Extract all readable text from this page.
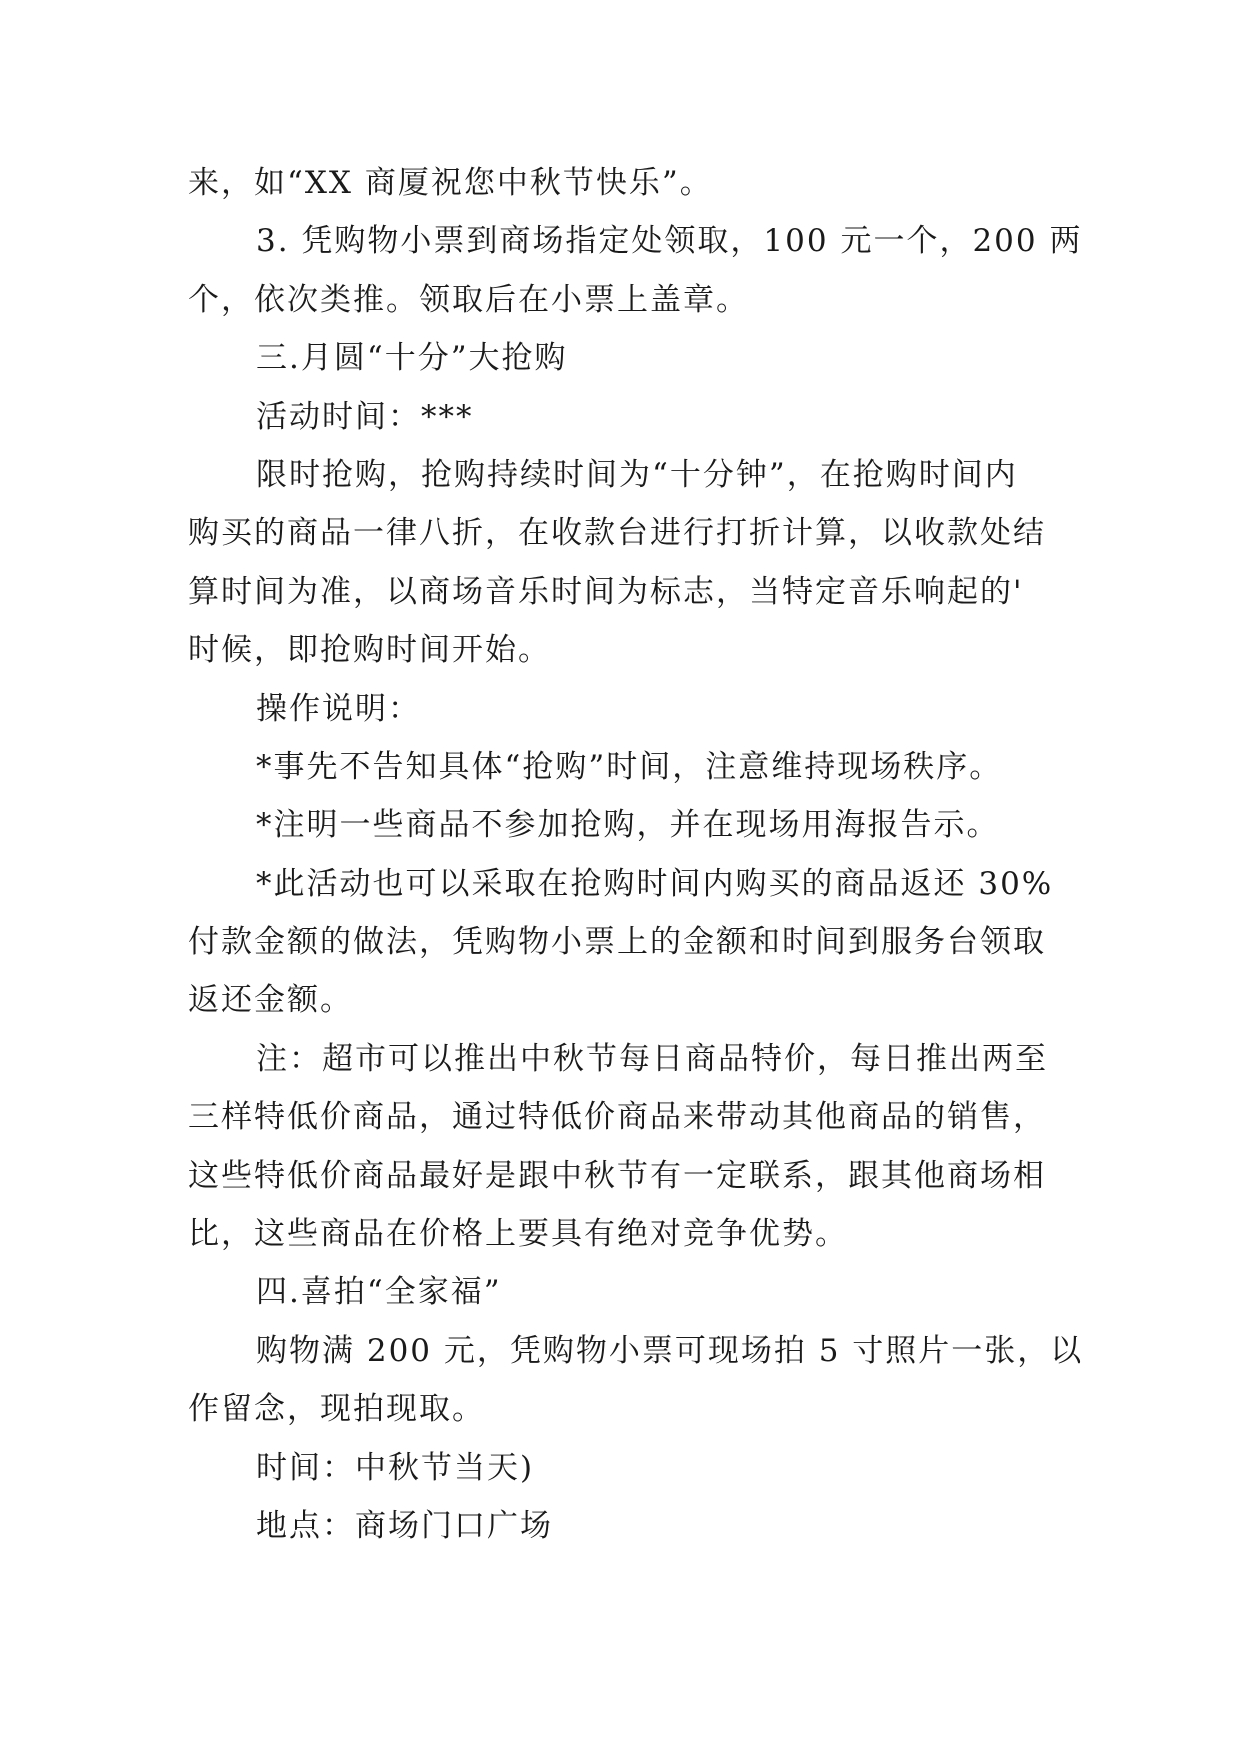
来，如“XX 商厦祝您中秋节快乐”。
3. 凭购物小票到商场指定处领取，100 元一个，200 两
个，依次类推。领取后在小票上盖章。
三.月圆“十分”大抢购
活动时间：***
限时抢购，抢购持续时间为“十分钟”，在抢购时间内
购买的商品一律八折，在收款台进行打折计算，以收款处结
算时间为准，以商场音乐时间为标志，当特定音乐响起的'
时候，即抢购时间开始。
操作说明：
*事先不告知具体“抢购”时间，注意维持现场秩序。
*注明一些商品不参加抢购，并在现场用海报告示。
*此活动也可以采取在抢购时间内购买的商品返还 30%
付款金额的做法，凭购物小票上的金额和时间到服务台领取
返还金额。
注：超市可以推出中秋节每日商品特价，每日推出两至
三样特低价商品，通过特低价商品来带动其他商品的销售，
这些特低价商品最好是跟中秋节有一定联系，跟其他商场相
比，这些商品在价格上要具有绝对竞争优势。
四.喜拍“全家福”
购物满 200 元，凭购物小票可现场拍 5 寸照片一张，以
作留念，现拍现取。
时间：中秋节当天)
地点：商场门口广场
